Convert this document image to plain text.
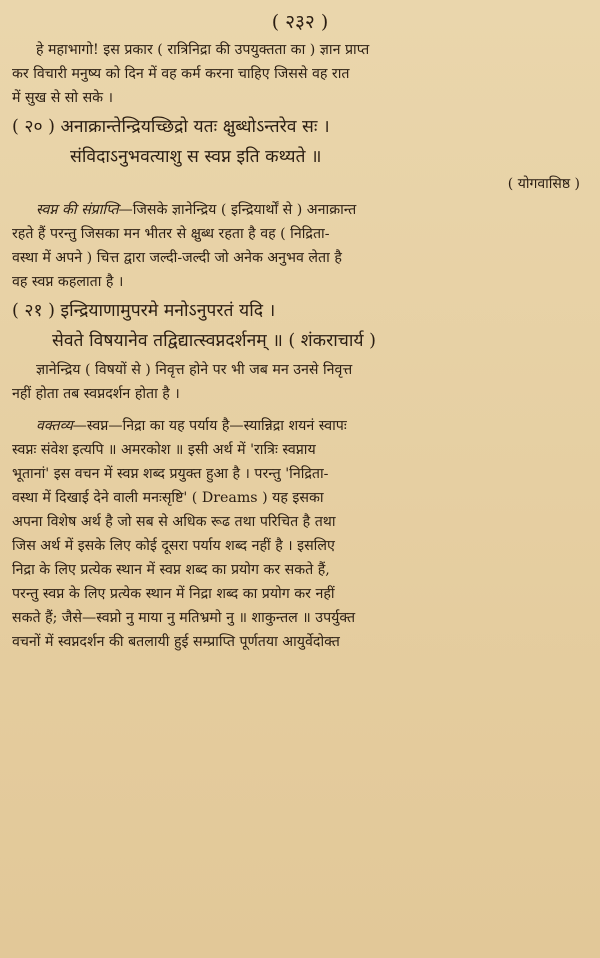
( २३२ )

हे महाभागो! इस प्रकार ( रात्रिनिद्रा की उपयुक्तता का ) ज्ञान प्राप्त

कर विचारी मनुष्य को दिन में वह कर्म करना चाहिए जिससे वह रात

में सुख से सो सके ।

( २० ) अनाक्रान्तेन्द्रियच्छिद्रो यतः क्षुब्धोऽन्तरेव सः ।

संविदाऽनुभवत्याशु स स्वप्न इति कथ्यते ॥

( योगवासिष्ठ )

स्वप्न की संप्राप्ति—जिसके ज्ञानेन्द्रिय ( इन्द्रियार्थों से ) अनाक्रान्त

रहते हैं परन्तु जिसका मन भीतर से क्षुब्ध रहता है वह ( निद्रिता-

वस्था में अपने ) चित्त द्वारा जल्दी-जल्दी जो अनेक अनुभव लेता है

वह स्वप्न कहलाता है ।

( २१ ) इन्द्रियाणामुपरमे मनोऽनुपरतं यदि ।

सेवते विषयानेव तद्विद्यात्स्वप्नदर्शनम् ॥ ( शंकराचार्य )

ज्ञानेन्द्रिय ( विषयों से ) निवृत्त होने पर भी जब मन उनसे निवृत्त

नहीं होता तब स्वप्नदर्शन होता है ।

वक्तव्य—स्वप्न—निद्रा का यह पर्याय है—स्यान्निद्रा शयनं स्वापः

स्वप्नः संवेश इत्यपि ॥ अमरकोश ॥ इसी अर्थ में 'रात्रिः स्वप्नाय

भूतानां' इस वचन में स्वप्न शब्द प्रयुक्त हुआ है । परन्तु 'निद्रिता-

वस्था में दिखाई देने वाली मनःसृष्टि' ( Dreams ) यह इसका

अपना विशेष अर्थ है जो सब से अधिक रूढ तथा परिचित है तथा

जिस अर्थ में इसके लिए कोई दूसरा पर्याय शब्द नहीं है । इसलिए

निद्रा के लिए प्रत्येक स्थान में स्वप्न शब्द का प्रयोग कर सकते हैं,

परन्तु स्वप्न के लिए प्रत्येक स्थान में निद्रा शब्द का प्रयोग कर नहीं

सकते हैं; जैसे—स्वप्नो नु माया नु मतिभ्रमो नु ॥ शाकुन्तल ॥ उपर्युक्त

वचनों में स्वप्नदर्शन की बतलायी हुई सम्प्राप्ति पूर्णतया आयुर्वेदोक्त
